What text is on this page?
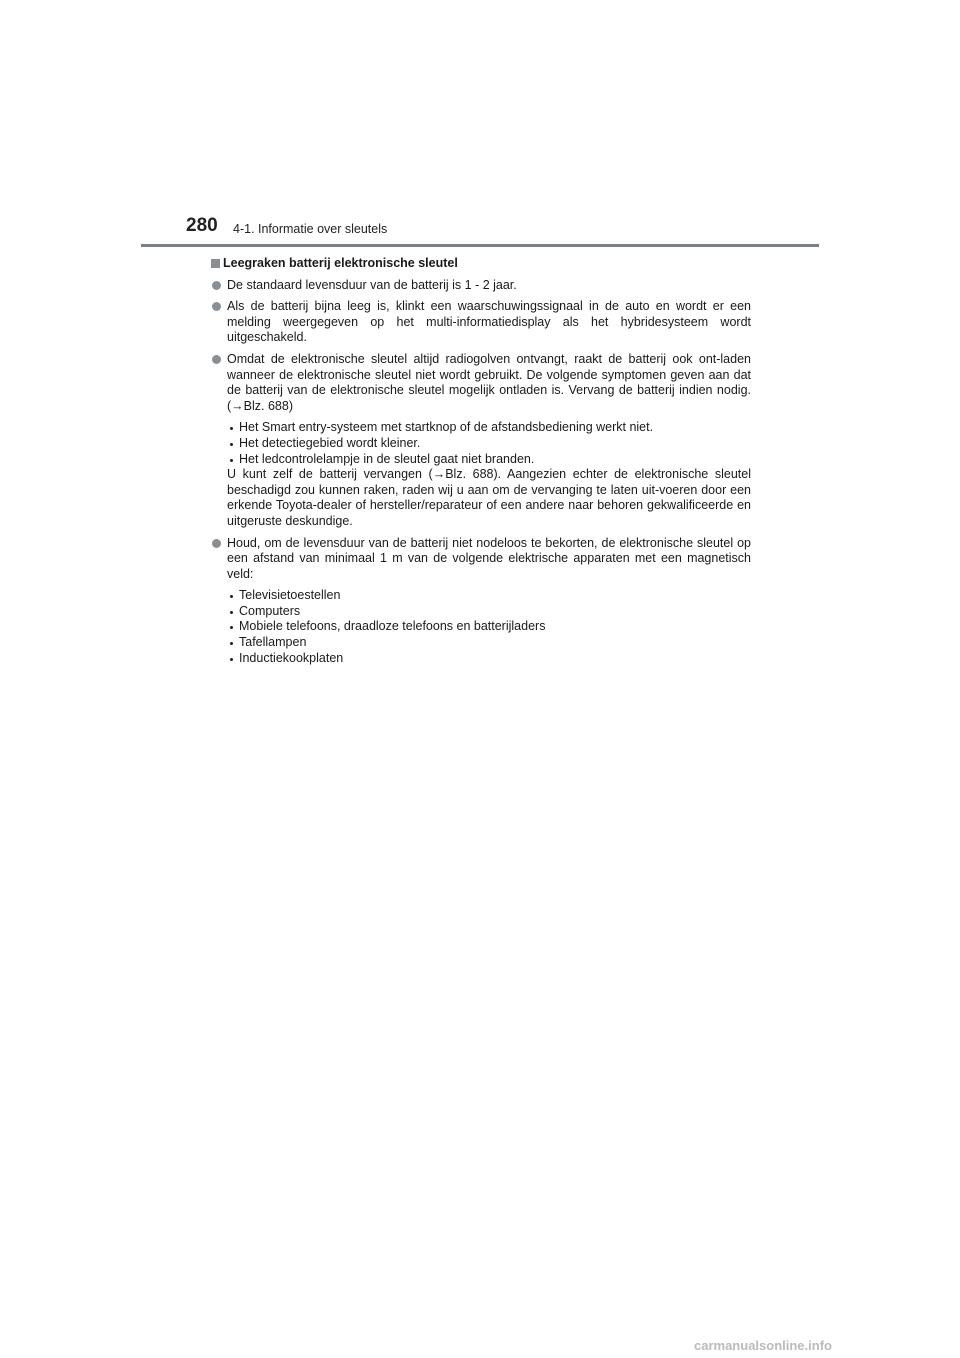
280 4-1. Informatie over sleutels
Leegraken batterij elektronische sleutel
De standaard levensduur van de batterij is 1 - 2 jaar.
Als de batterij bijna leeg is, klinkt een waarschuwingssignaal in de auto en wordt er een melding weergegeven op het multi-informatiedisplay als het hybridesysteem wordt uitgeschakeld.
Omdat de elektronische sleutel altijd radiogolven ontvangt, raakt de batterij ook ont-laden wanneer de elektronische sleutel niet wordt gebruikt. De volgende symptomen geven aan dat de batterij van de elektronische sleutel mogelijk ontladen is. Vervang de batterij indien nodig. (→Blz. 688)
Het Smart entry-systeem met startknop of de afstandsbediening werkt niet.
Het detectiegebied wordt kleiner.
Het ledcontrolelampje in de sleutel gaat niet branden.
U kunt zelf de batterij vervangen (→Blz. 688). Aangezien echter de elektronische sleutel beschadigd zou kunnen raken, raden wij u aan om de vervanging te laten uit-voeren door een erkende Toyota-dealer of hersteller/reparateur of een andere naar behoren gekwalificeerde en uitgeruste deskundige.
Houd, om de levensduur van de batterij niet nodeloos te bekorten, de elektronische sleutel op een afstand van minimaal 1 m van de volgende elektrische apparaten met een magnetisch veld:
Televisietoestellen
Computers
Mobiele telefoons, draadloze telefoons en batterijladers
Tafellampen
Inductiekookplaten
carmanualsonline.info
